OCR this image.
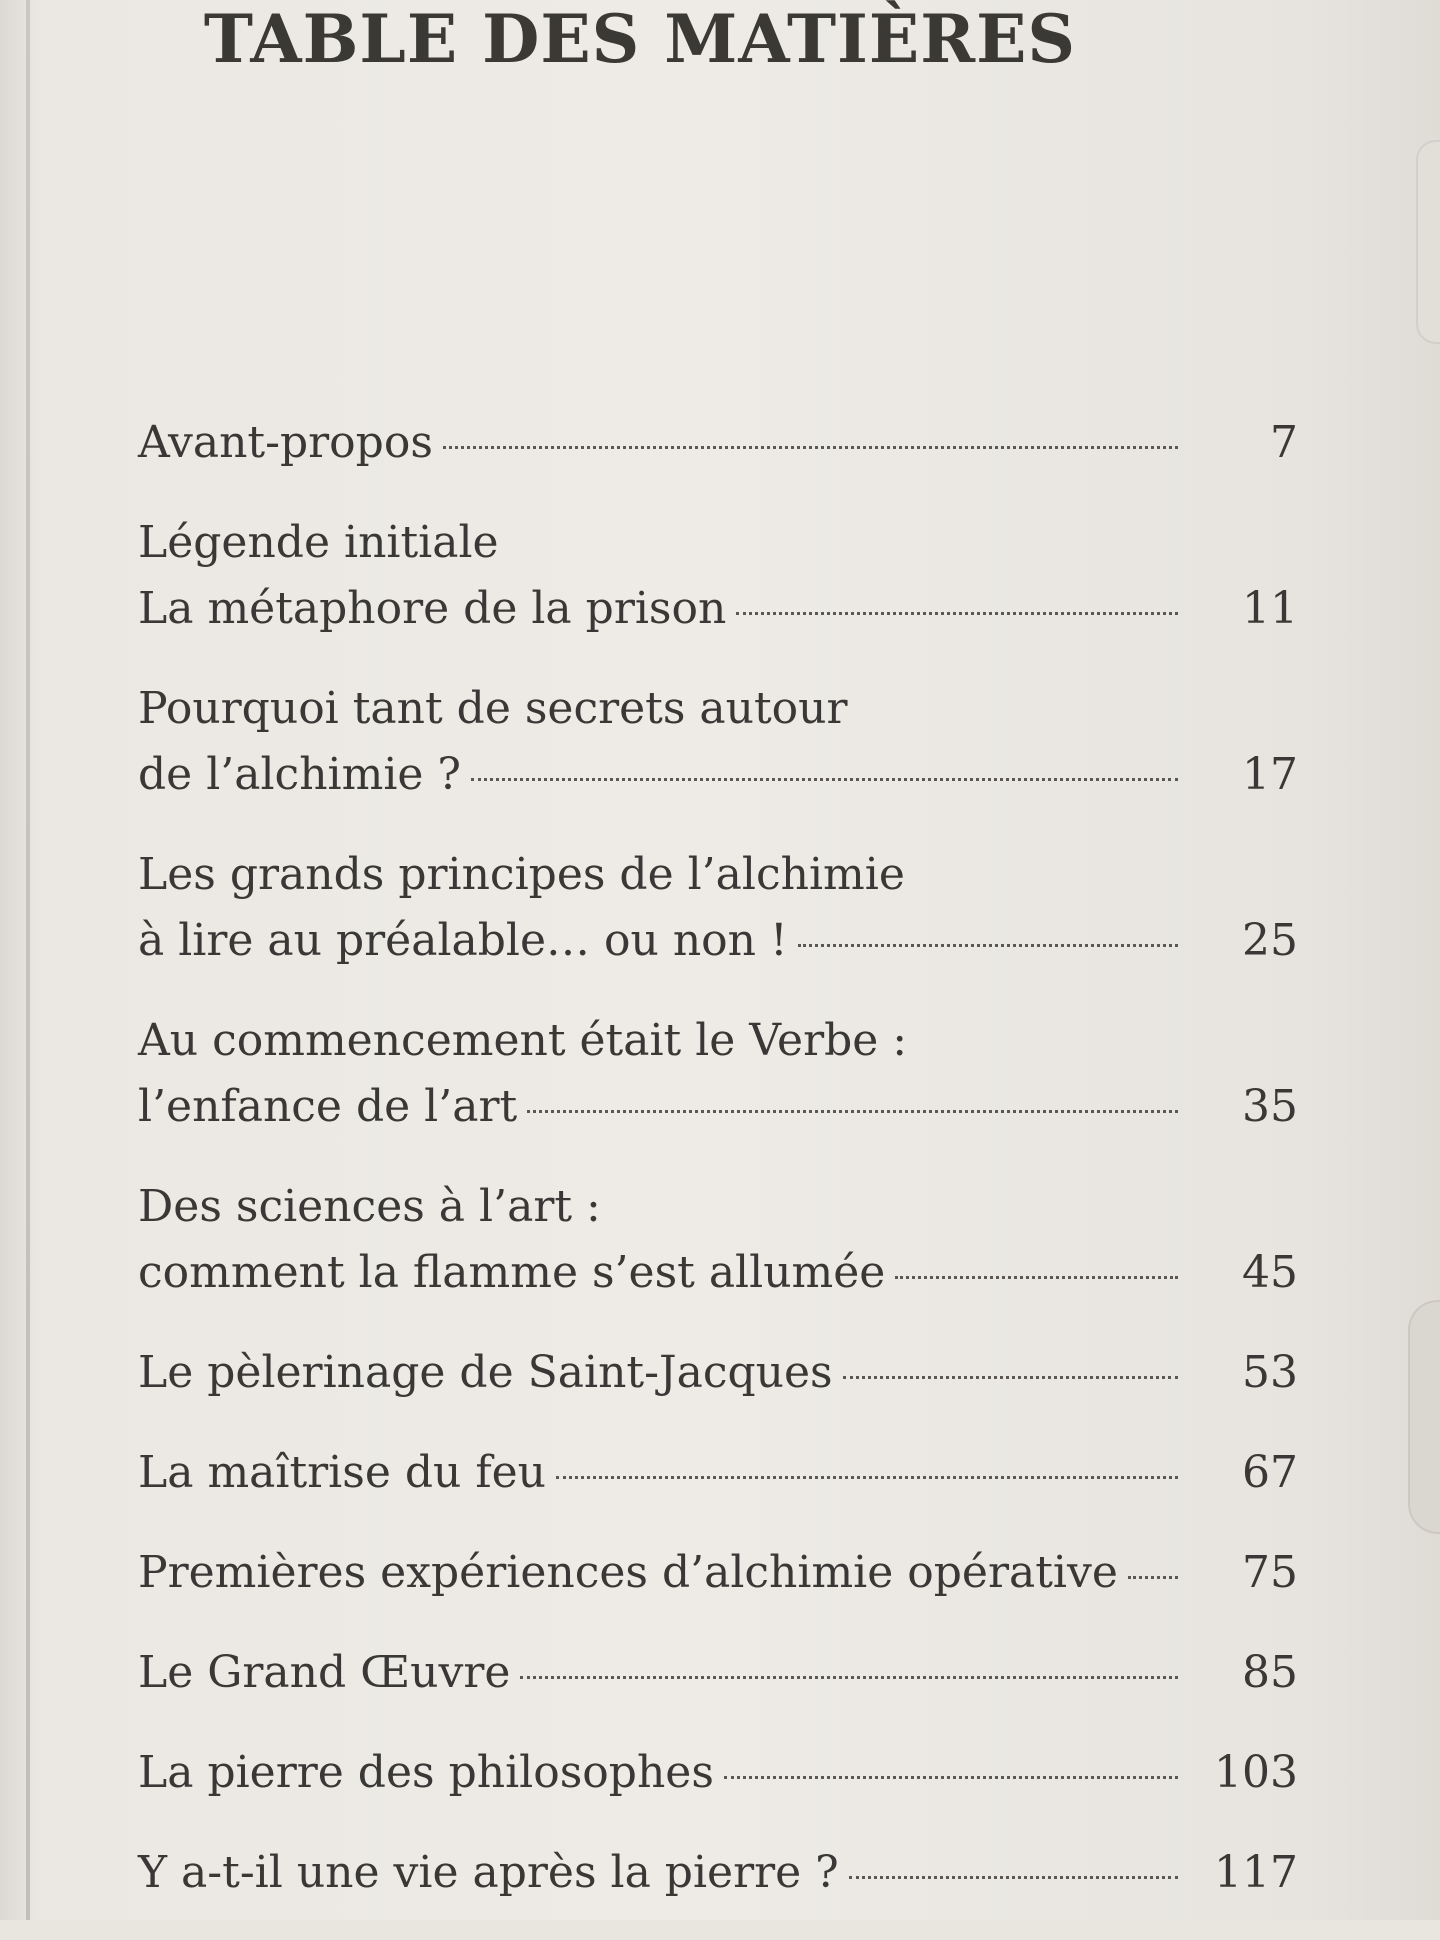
TABLE DES MATIÈRES
Avant-propos	7
Légende initiale
La métaphore de la prison	11
Pourquoi tant de secrets autour
de l’alchimie ?	17
Les grands principes de l’alchimie
à lire au préalable… ou non !	25
Au commencement était le Verbe :
l’enfance de l’art	35
Des sciences à l’art :
comment la flamme s’est allumée	45
Le pèlerinage de Saint-Jacques	53
La maîtrise du feu	67
Premières expériences d’alchimie opérative	75
Le Grand Œuvre	85
La pierre des philosophes	103
Y a-t-il une vie après la pierre ?	117
